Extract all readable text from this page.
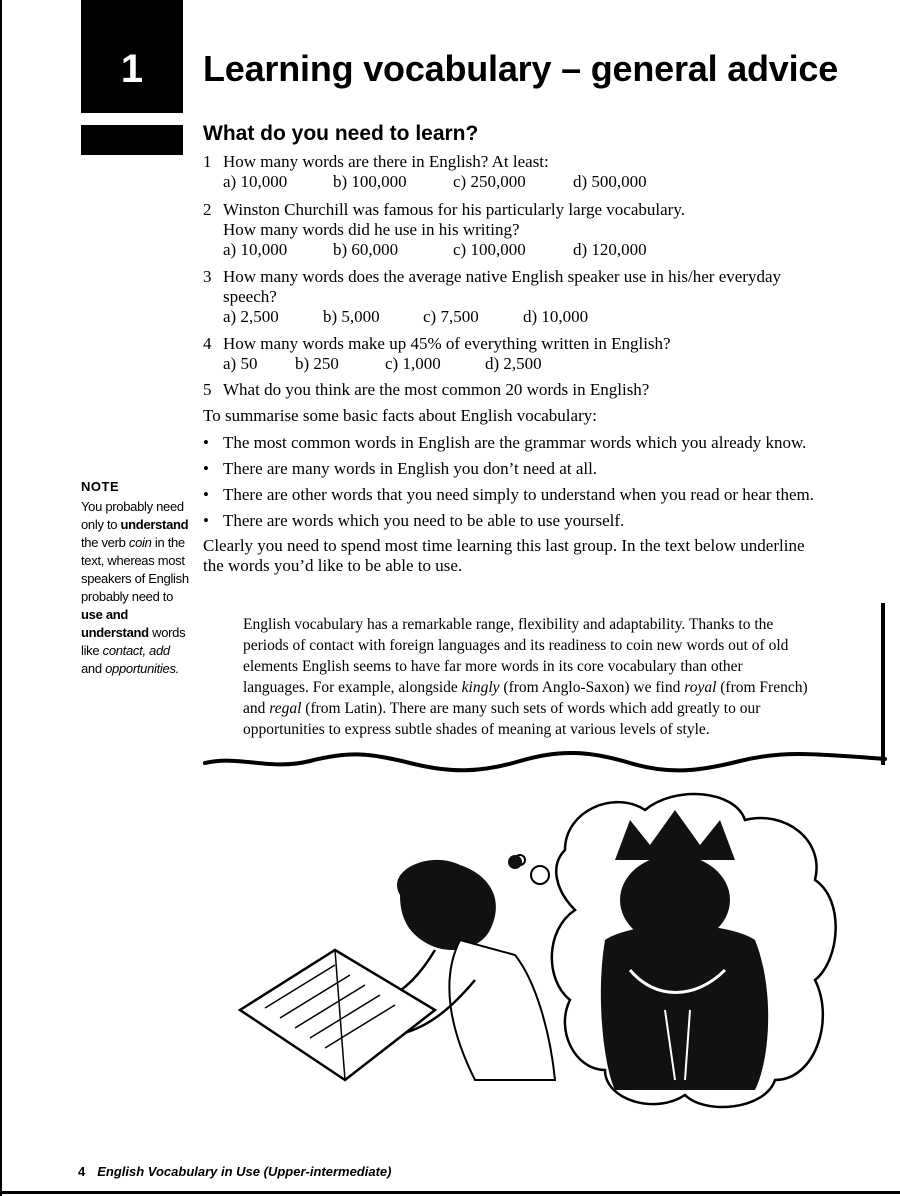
1 Learning vocabulary – general advice
What do you need to learn?
1 How many words are there in English? At least:
a) 10,000	b) 100,000	c) 250,000	d) 500,000
2 Winston Churchill was famous for his particularly large vocabulary.
How many words did he use in his writing?
a) 10,000	b) 60,000	c) 100,000	d) 120,000
3 How many words does the average native English speaker use in his/her everyday
speech?
a) 2,500	b) 5,000	c) 7,500	d) 10,000
4 How many words make up 45% of everything written in English?
a) 50 b) 250	c) 1,000	d) 2,500
5 What do you think are the most common 20 words in English?
To summarise some basic facts about English vocabulary:
• The most common words in English are the grammar words which you already know.
• There are many words in English you don’t need at all.
• There are other words that you need simply to understand when you read or hear them.
• There are words which you need to be able to use yourself.
Clearly you need to spend most time learning this last group. In the text below underline
the words you’d like to be able to use.
NOTE
You probably need only to understand the verb coin in the text, whereas most speakers of English probably need to use and understand words like contact, add and opportunities.
English vocabulary has a remarkable range, flexibility and adaptability. Thanks to the
periods of contact with foreign languages and its readiness to coin new words out of old
elements English seems to have far more words in its core vocabulary than other
languages. For example, alongside kingly (from Anglo-Saxon) we find royal (from French)
and regal (from Latin). There are many such sets of words which add greatly to our
opportunities to express subtle shades of meaning at various levels of style.
4 English Vocabulary in Use (Upper-intermediate)
